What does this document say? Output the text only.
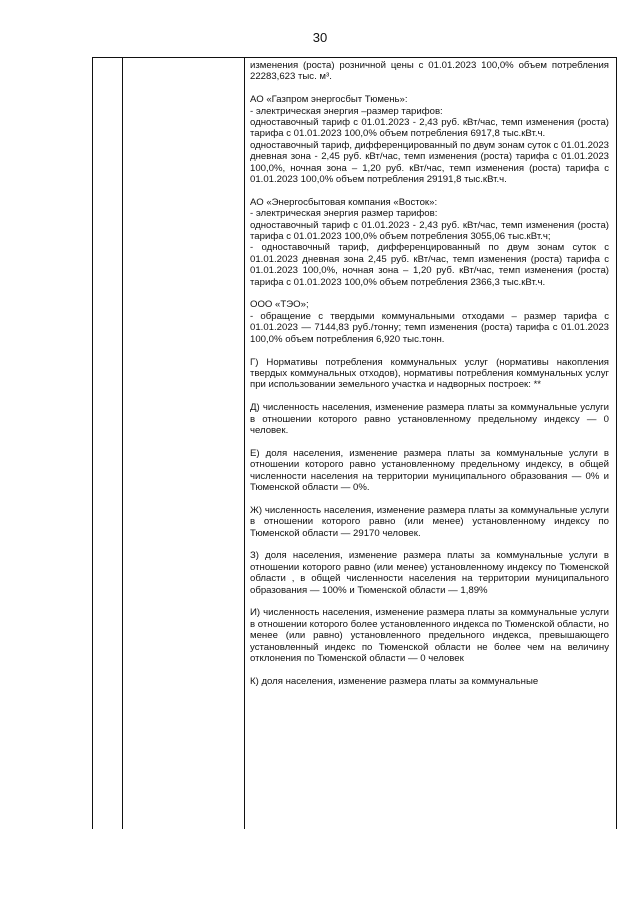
30

изменения (роста) розничной цены с 01.01.2023 100,0% объем потребления 22283,623 тыс. м³.

АО «Газпром энергосбыт Тюмень»:
- электрическая энергия –размер тарифов:
одноставочный тариф с 01.01.2023 - 2,43 руб. кВт/час, темп изменения (роста) тарифа с 01.01.2023 100,0% объем потребления 6917,8 тыс.кВт.ч.
одноставочный тариф, дифференцированный по двум зонам суток с 01.01.2023 дневная зона - 2,45 руб. кВт/час, темп изменения (роста) тарифа с 01.01.2023 100,0%, ночная зона – 1,20 руб. кВт/час, темп изменения (роста) тарифа с 01.01.2023 100,0% объем потребления 29191,8 тыс.кВт.ч.

АО «Энергосбытовая компания «Восток»:
- электрическая энергия размер тарифов:
одноставочный тариф с 01.01.2023 - 2,43 руб. кВт/час, темп изменения (роста) тарифа с 01.01.2023 100,0% объем потребления 3055,06 тыс.кВт.ч;
- одноставочный тариф, дифференцированный по двум зонам суток с 01.01.2023 дневная зона 2,45 руб. кВт/час, темп изменения (роста) тарифа с 01.01.2023 100,0%, ночная зона – 1,20 руб. кВт/час, темп изменения (роста) тарифа с 01.01.2023 100,0% объем потребления 2366,3 тыс.кВт.ч.

ООО «ТЭО»;
- обращение с твердыми коммунальными отходами – размер тарифа с 01.01.2023 — 7144,83 руб./тонну; темп изменения (роста) тарифа с 01.01.2023 100,0% объем потребления 6,920 тыс.тонн.

Г) Нормативы потребления коммунальных услуг (нормативы накопления твердых коммунальных отходов), нормативы потребления коммунальных услуг при использовании земельного участка и надворных построек: **

Д) численность населения, изменение размера платы за коммунальные услуги в отношении которого равно установленному предельному индексу — 0 человек.

Е) доля населения, изменение размера платы за коммунальные услуги в отношении которого равно установленному предельному индексу, в общей численности населения на территории муниципального образования — 0% и Тюменской области — 0%.

Ж) численность населения, изменение размера платы за коммунальные услуги в отношении которого равно (или менее) установленному индексу по Тюменской области — 29170 человек.

З) доля населения, изменение размера платы за коммунальные услуги в отношении которого равно (или менее) установленному индексу по Тюменской области , в общей численности населения на территории муниципального образования — 100% и Тюменской области — 1,89%

И) численность населения, изменение размера платы за коммунальные услуги в отношении которого более установленного индекса по Тюменской области, но менее (или равно) установленного предельного индекса, превышающего установленный индекс по Тюменской области не более чем на величину отклонения по Тюменской области — 0 человек

К) доля населения, изменение размера платы за коммунальные
